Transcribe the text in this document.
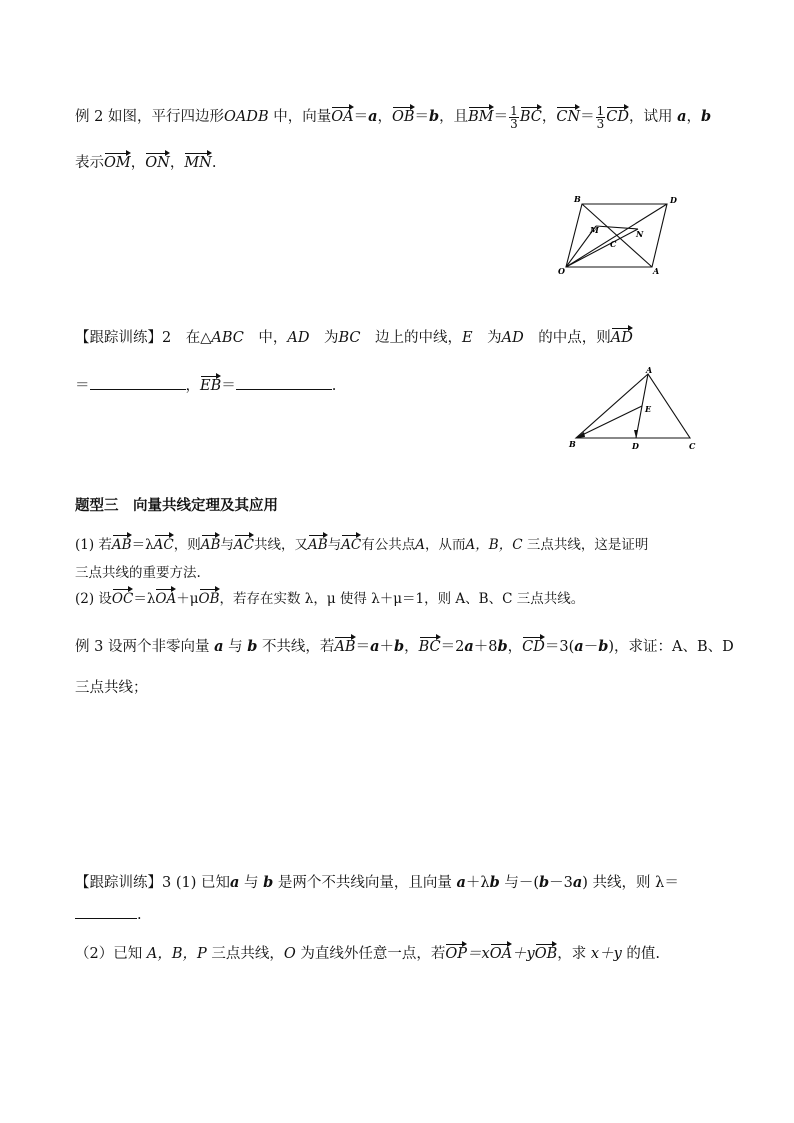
例 2 如图，平行四边形OADB 中，向量OA＝a，OB＝b，且$BM= \frac{1}{3}$ BC，$CN= \frac{1}{3}$ CD，试用 a，b
表示OM，ON，MN.
B	D
M
C
N
O	A
【跟踪训练】2　在△ABC　中，AD　为BC　边上的中线，E　为AD　的中点，则AD
＝	，EB＝	.
A
E
B	D	C
题型三　向量共线定理及其应用
(1) 若AB＝λAC，则AB与AC共线，又AB与AC有公共点A，从而A，B，C 三点共线，这是证明
三点共线的重要方法.
(2) 设OC＝λOA＋μOB，若存在实数 λ，μ 使得 λ＋μ＝1，则 A、B、C 三点共线。
例 3 设两个非零向量 a 与 b 不共线，若AB＝a＋b，BC＝2a＋8b，CD＝3(a－b)，求证：A、B、D
三点共线；
【跟踪训练】3 (1) 已知a 与 b 是两个不共线向量，且向量 a＋λb 与－(b－3a) 共线，则 λ＝
.
（2）已知 A，B，P 三点共线，O 为直线外任意一点，若OP＝xOA＋yOB，求 x＋y 的值.
